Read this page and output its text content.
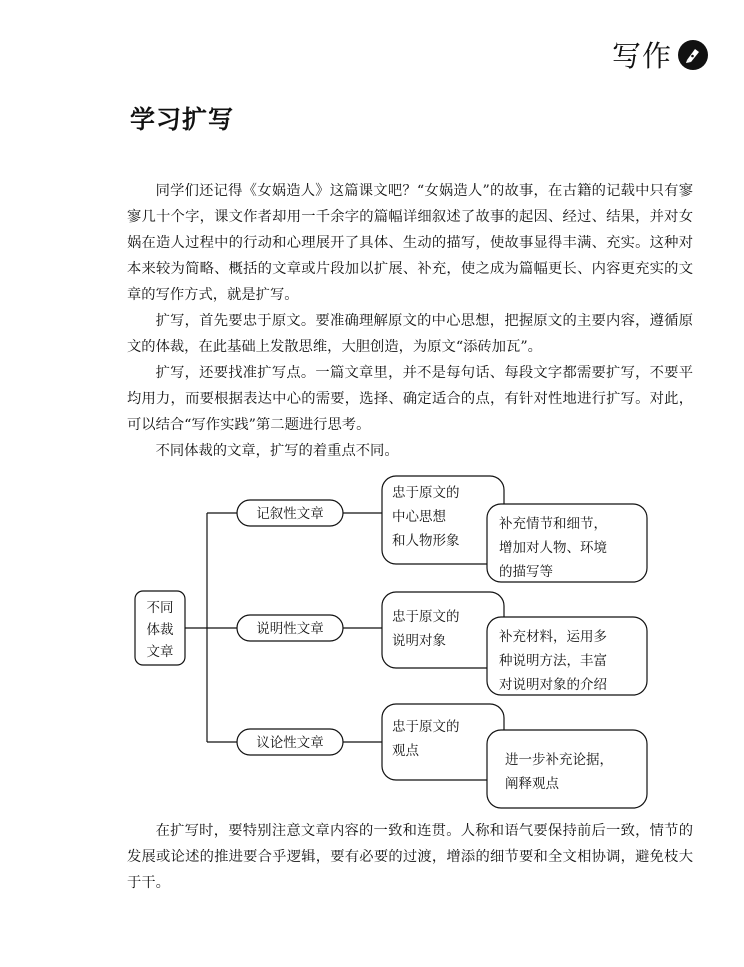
写作
学习扩写

同学们还记得《女娲造人》这篇课文吧？“女娲造人”的故事，在古籍的记载中只有寥寥几十个字，课文作者却用一千余字的篇幅详细叙述了故事的起因、经过、结果，并对女娲在造人过程中的行动和心理展开了具体、生动的描写，使故事显得丰满、充实。这种对本来较为简略、概括的文章或片段加以扩展、补充，使之成为篇幅更长、内容更充实的文章的写作方式，就是扩写。

扩写，首先要忠于原文。要准确理解原文的中心思想，把握原文的主要内容，遵循原文的体裁，在此基础上发散思维，大胆创造，为原文“添砖加瓦”。

扩写，还要找准扩写点。一篇文章里，并不是每句话、每段文字都需要扩写，不要平均用力，而要根据表达中心的需要，选择、确定适合的点，有针对性地进行扩写。对此，可以结合“写作实践”第二题进行思考。

不同体裁的文章，扩写的着重点不同。

不同
体裁
文章
记叙性文章
说明性文章
议论性文章
忠于原文的
中心思想
和人物形象
忠于原文的
说明对象
忠于原文的
观点
补充情节和细节，
增加对人物、环境
的描写等
补充材料，运用多
种说明方法，丰富
对说明对象的介绍
进一步补充论据，
阐释观点

在扩写时，要特别注意文章内容的一致和连贯。人称和语气要保持前后一致，情节的发展或论述的推进要合乎逻辑，要有必要的过渡，增添的细节要和全文相协调，避免枝大于干。
